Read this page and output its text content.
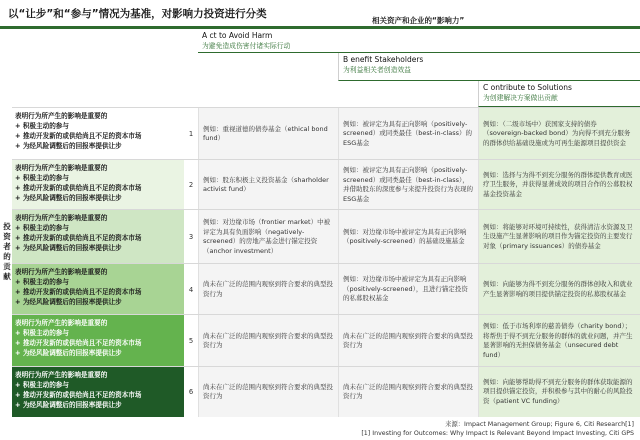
以“让步”和“参与”情况为基准，对影响力投资进行分类
相关资产和企业的“影响力”
A ct to Avoid Harm
为避免造成伤害付诸实际行动
B enefit Stakeholders
为利益相关者创造效益
C ontribute to Solutions
为创建解决方案做出贡献
投资者的贡献
表明行为所产生的影响是重要的
+ 积极主动的参与
+ 推动开发新的或供给尚且不足的资本市场
+ 为经风险调整后的回报率提供让步
1
例如：重视道德的债券基金（ethical bond fund）
例如：被评定为具有正向影响（positively-screened）或同类最佳（best-in-class）的ESG基金
例如：（二级市场中）获国家支持的债券（sovereign-backed bond）为向得不到充分服务的群体供给基础设施或为可再生能源项目提供资金
表明行为所产生的影响是重要的
+ 积极主动的参与
+ 推动开发新的或供给尚且不足的资本市场
+ 为经风险调整后的回报率提供让步
2
例如：股东积极主义投资基金（sharholder activist fund）
例如：被评定为具有正向影响（positively-screened）或同类最佳（best-in-class），并借助股东的深度参与来提升投资行为表现的ESG基金
例如：选择与为得不到充分服务的群体提供教育或医疗卫生服务，并获得显著成效的项目合作的公募股权基金投资基金
表明行为所产生的影响是重要的
+ 积极主动的参与
+ 推动开发新的或供给尚且不足的资本市场
+ 为经风险调整后的回报率提供让步
3
例如：对边缘市场（frontier market）中被评定为具有负面影响（negatively-screened）的房地产基金进行锚定投资（anchor investment）
例如：对边缘市场中被评定为具有正向影响（positively-screened）的基础设施基金
例如：将能够对环境可持续性，获得清洁水资源及卫生设施产生显著影响的项目作为锚定投资的主要发行对象（primary issuances）的债券基金
表明行为所产生的影响是重要的
+ 积极主动的参与
+ 推动开发新的或供给尚且不足的资本市场
+ 为经风险调整后的回报率提供让步
4
尚未在广泛的范围内观察到符合要求的典型投资行为
例如：对边缘市场中被评定为具有正向影响（positively-screened），且进行锚定投资的私募股权基金
例如：向能够为得不到充分服务的群体创收入和就业产生显著影响的项目提供锚定投资的私募股权基金
表明行为所产生的影响是重要的
+ 积极主动的参与
+ 推动开发新的或供给尚且不足的资本市场
+ 为经风险调整后的回报率提供让步
5
尚未在广泛的范围内观察到符合要求的典型投资行为
尚未在广泛的范围内观察到符合要求的典型投资行为
例如：低于市场利率的慈善债券（charity bond）；将帮焦于得不到充分服务的群体的就业问题，并产生显著影响的无担保债务基金（unsecured debt fund）
表明行为所产生的影响是重要的
+ 积极主动的参与
+ 推动开发新的或供给尚且不足的资本市场
+ 为经风险调整后的回报率提供让步
6
尚未在广泛的范围内观察到符合要求的典型投资行为
尚未在广泛的范围内观察到符合要求的典型投资行为
例如：向能够帮助得不到充分服务的群体获取能源的项目提供锚定投资，并积极参与其中的耐心的风险投资（patient VC funding）
来源：Impact Management Group; Figure 6, Citi Research[1]
[1] Investing for Outcomes: Why Impact Is Relevant Beyond Impact Investing, Citi GPS
